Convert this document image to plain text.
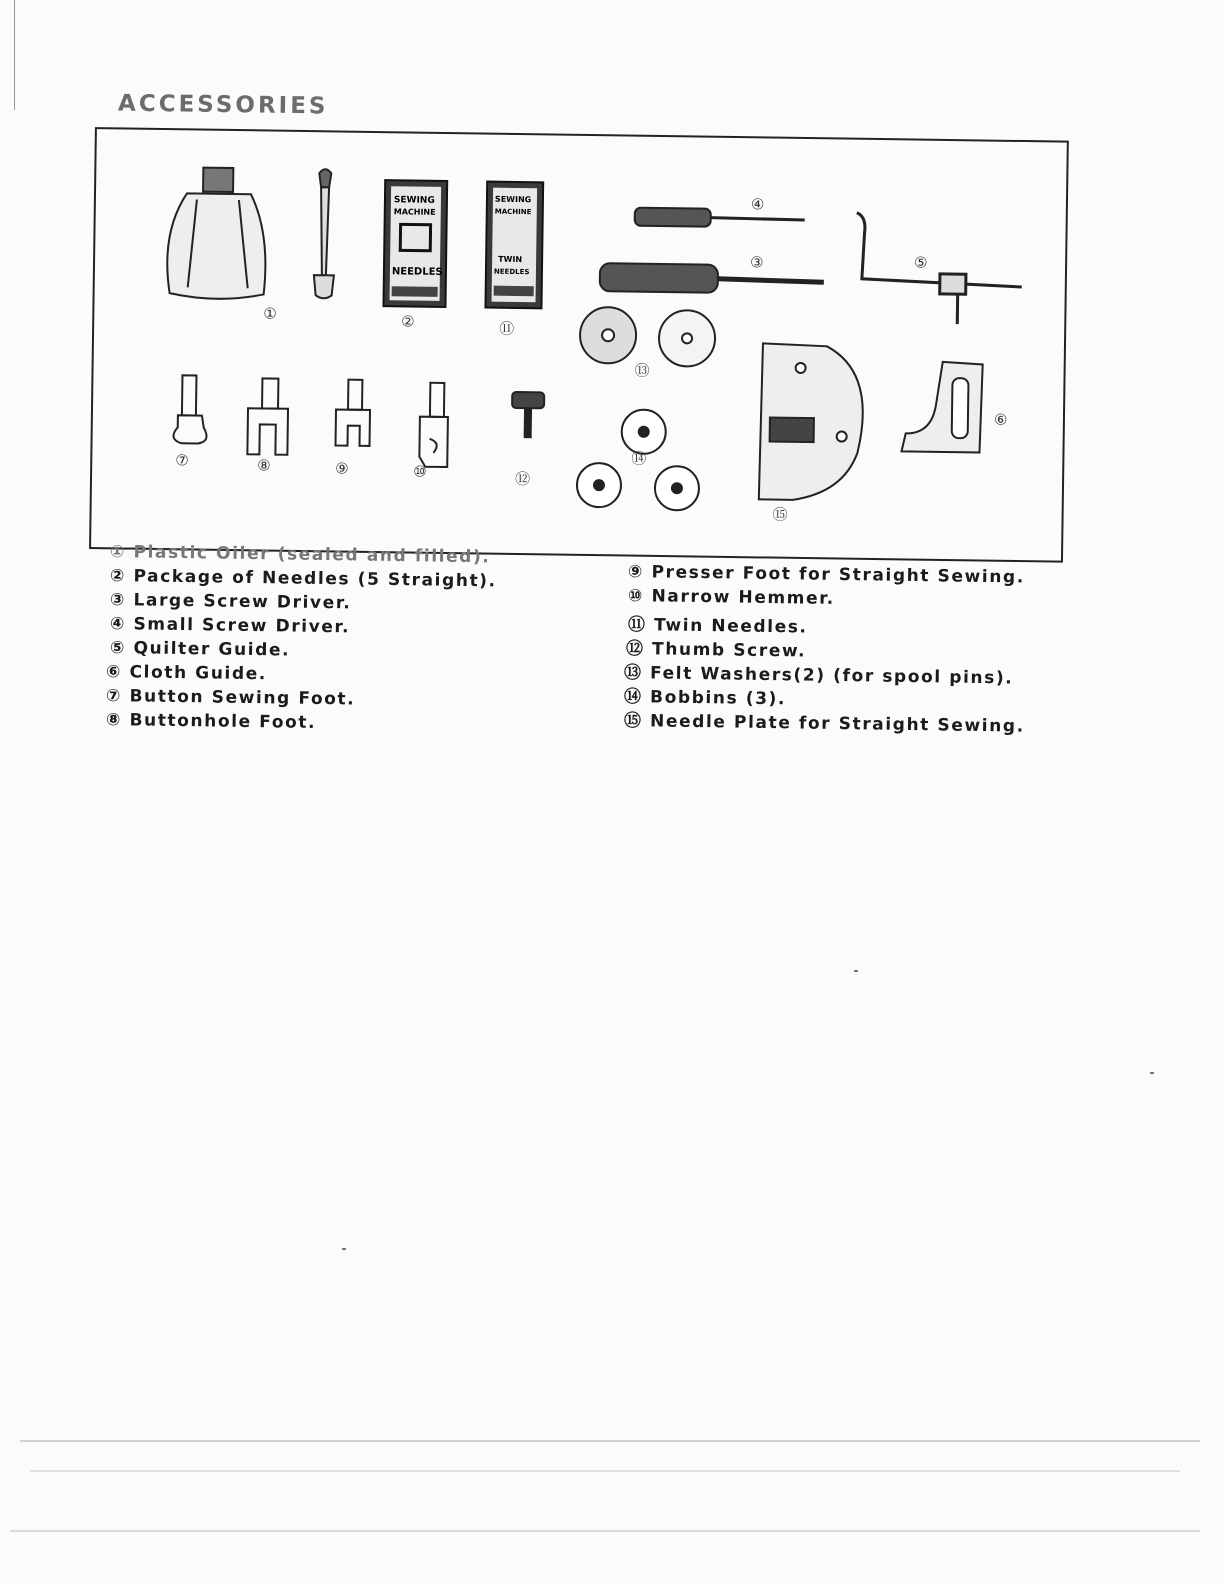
ACCESSORIES
SEWING
MACHINE
NEEDLES
SEWING
MACHINE
TWIN
NEEDLES
①	②	⑪
④
③	⑤
⑬
⑥
⑦	⑧	⑨	⑩	⑫
⑭
⑮
① Plastic Oiler (sealed and filled).
② Package of Needles (5 Straight).
③ Large Screw Driver.
④ Small Screw Driver.
⑤ Quilter Guide.
⑥ Cloth Guide.
⑦ Button Sewing Foot.
⑧ Buttonhole Foot.
⑨ Presser Foot for Straight Sewing.
⑩ Narrow Hemmer.
⑪ Twin Needles.
⑫ Thumb Screw.
⑬ Felt Washers(2) (for spool pins).
⑭ Bobbins (3).
⑮ Needle Plate for Straight Sewing.
